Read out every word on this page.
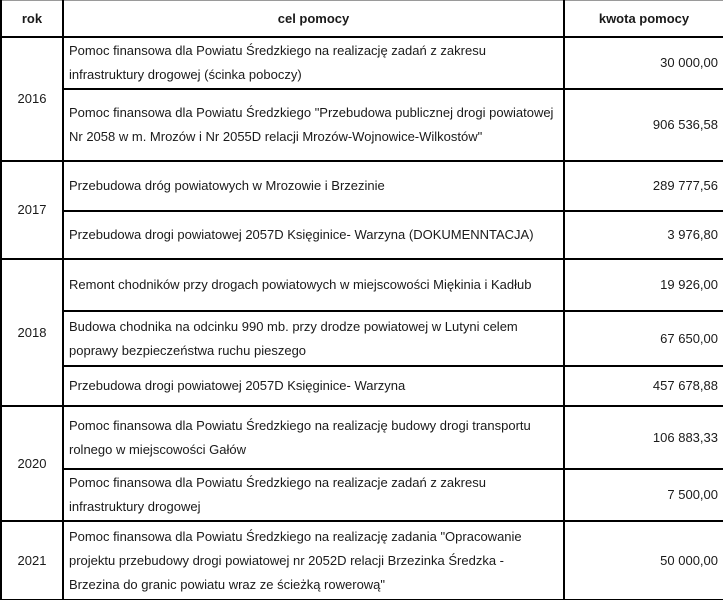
rok	cel pomocy	kwota pomocy
2016	Pomoc finansowa dla Powiatu Średzkiego na realizację zadań z zakresu infrastruktury drogowej (ścinka poboczy)	30 000,00
	Pomoc finansowa dla Powiatu Średzkiego "Przebudowa publicznej drogi powiatowej Nr 2058 w m. Mrozów i Nr 2055D relacji Mrozów-Wojnowice-Wilkostów"	906 536,58
2017	Przebudowa dróg powiatowych w Mrozowie i Brzezinie	289 777,56
	Przebudowa drogi powiatowej 2057D Księginice- Warzyna (DOKUMENNTACJA)	3 976,80
2018	Remont chodników przy drogach powiatowych w miejscowości Miękinia i Kadłub	19 926,00
	Budowa chodnika na odcinku 990 mb. przy drodze powiatowej w Lutyni celem poprawy bezpieczeństwa ruchu pieszego	67 650,00
	Przebudowa drogi powiatowej 2057D Księginice- Warzyna	457 678,88
2020	Pomoc finansowa dla Powiatu Średzkiego na realizację budowy drogi transportu rolnego w miejscowości Gałów	106 883,33
	Pomoc finansowa dla Powiatu Średzkiego na realizacje zadań z zakresu infrastruktury drogowej	7 500,00
2021	Pomoc finansowa dla Powiatu Średzkiego na realizację zadania "Opracowanie projektu przebudowy drogi powiatowej nr 2052D relacji Brzezinka Średzka - Brzezina do granic powiatu wraz ze ścieżką rowerową"	50 000,00
